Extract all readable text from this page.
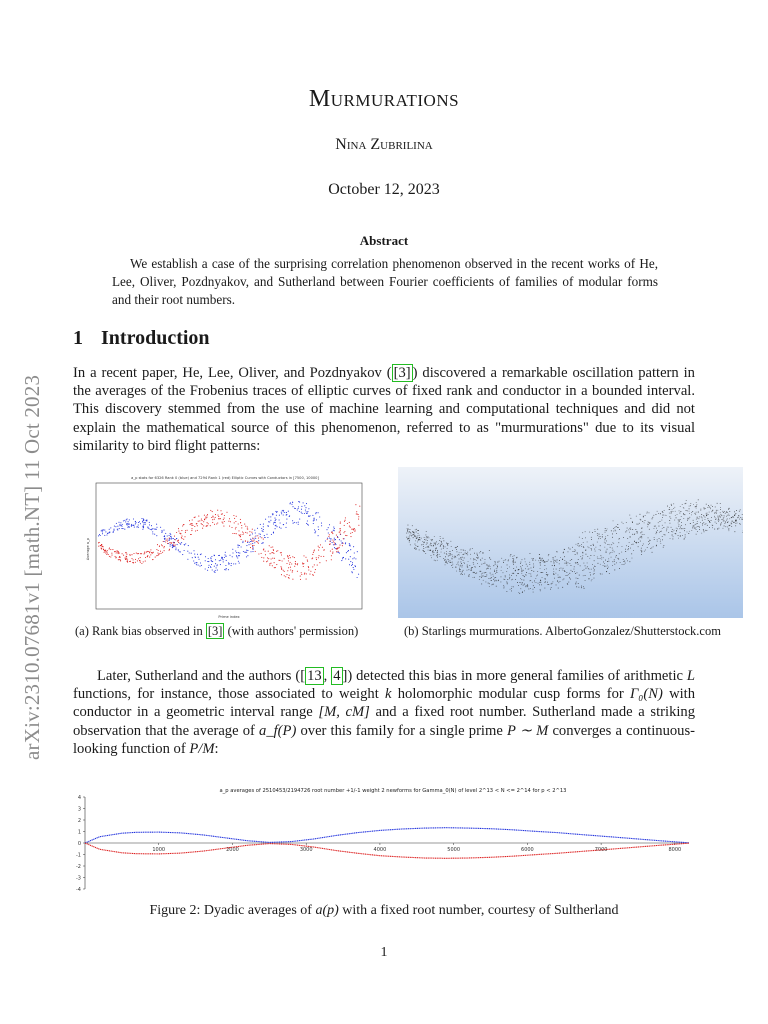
arXiv:2310.07681v1 [math.NT] 11 Oct 2023
Murmurations
Nina Zubrilina
October 12, 2023
Abstract
We establish a case of the surprising correlation phenomenon observed in the recent works of He, Lee, Oliver, Pozdnyakov, and Sutherland between Fourier coefficients of families of modular forms and their root numbers.
1 Introduction
In a recent paper, He, Lee, Oliver, and Pozdnyakov ( [3] ) discovered a remarkable oscillation pattern in the averages of the Frobenius traces of elliptic curves of fixed rank and conductor in a bounded interval. This discovery stemmed from the use of machine learning and computational techniques and did not explain the mathematical source of this phenomenon, referred to as "murmurations" due to its visual similarity to bird flight patterns:
a_p stats for 6326 Rank 0 (blue) and 7294 Rank 1 (red) Elliptic Curves with Conductors in [7500, 10000]
Average a_p
Prime index
(a) Rank bias observed in [3] (with authors' permission)	(b) Starlings murmurations. AlbertoGonzalez/Shutterstock.com
Later, Sutherland and the authors ([ 13 , 4 ]) detected this bias in more general families of arithmetic L functions, for instance, those associated to weight k holomorphic modular cusp forms for Γ₀(N) with conductor in a geometric interval range [M, cM] and a fixed root number. Sutherland made a striking observation that the average of a_f(P) over this family for a single prime P ∼ M converges a continuous-looking function of P/M:
a_p averages of 2510453/2194726 root number +1/-1 weight 2 newforms for Gamma_0(N) of level 2^13 < N <= 2^14 for p < 2^13
4
3
2
1
0
-1
-2
-3
-4
1000	2000	3000	4000	5000	6000	7000	8000
Figure 2: Dyadic averages of a(p) with a fixed root number, courtesy of Sultherland
1
